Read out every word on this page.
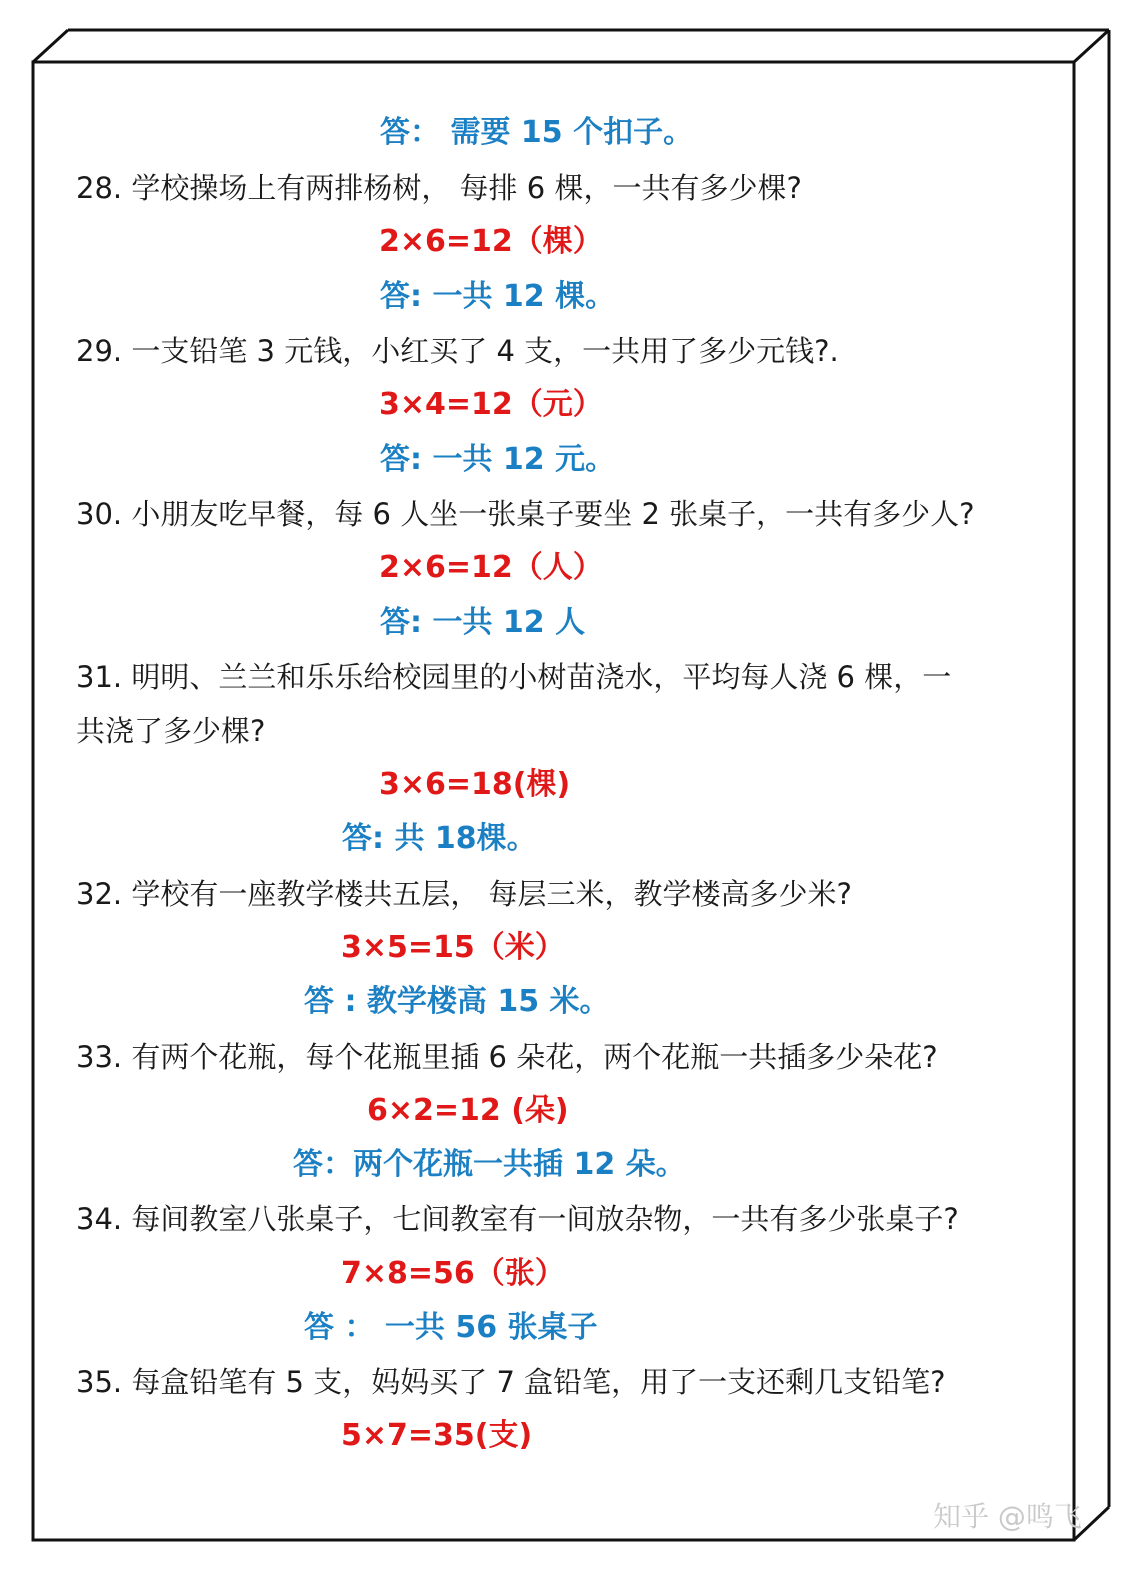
答： 需要 15 个扣子。
28. 学校操场上有两排杨树， 每排 6 棵，一共有多少棵?
2×6=12（棵）
答: 一共 12 棵。
29. 一支铅笔 3 元钱，小红买了 4 支，一共用了多少元钱?.
3×4=12（元）
答: 一共 12 元。
30. 小朋友吃早餐，每 6 人坐一张桌子要坐 2 张桌子，一共有多少人?
2×6=12（人）
答: 一共 12 人
31. 明明、兰兰和乐乐给校园里的小树苗浇水，平均每人浇 6 棵，一
共浇了多少棵?
3×6=18(棵)
答: 共 18棵。
32. 学校有一座教学楼共五层， 每层三米，教学楼高多少米?
3×5=15（米）
答 : 教学楼高 15 米。
33. 有两个花瓶，每个花瓶里插 6 朵花，两个花瓶一共插多少朵花?
6×2=12 (朵)
答：两个花瓶一共插 12 朵。
34. 每间教室八张桌子，七间教室有一间放杂物，一共有多少张桌子?
7×8=56（张）
答 ： 一共 56 张桌子
35. 每盒铅笔有 5 支，妈妈买了 7 盒铅笔，用了一支还剩几支铅笔?
5×7=35(支)
知乎 @鸣飞
